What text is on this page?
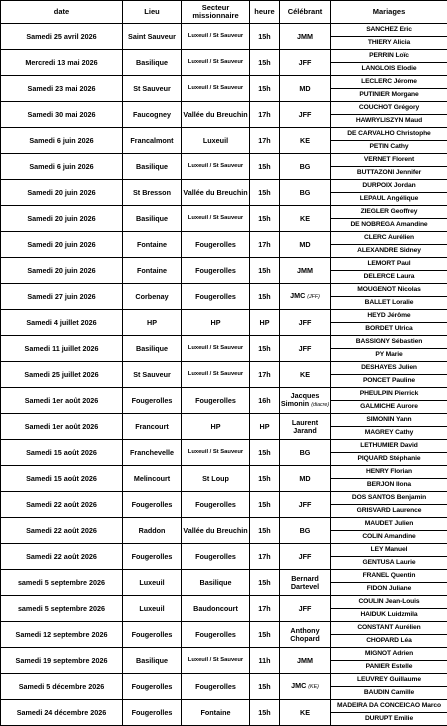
date	Lieu	Secteur missionnaire	heure	Célébrant	Mariages
Samedi 25 avril 2026	Saint Sauveur	Luxeuil / St Sauveur	15h	JMM	SANCHEZ Eric
THIERY Alicia

Mercredi 13 mai 2026	Basilique	Luxeuil / St Sauveur	15h	JFF	PERRIN Loïc
LANGLOIS Elodie

Samedi 23 mai 2026	St Sauveur	Luxeuil / St Sauveur	15h	MD	LECLERC Jérome
PUTINIER Morgane

Samedi 30 mai 2026	Faucogney	Vallée du Breuchin	17h	JFF	COUCHOT Grégory
HAWRYLISZYN Maud

Samedi 6 juin 2026	Francalmont	Luxeuil	17h	KE	DE CARVALHO Christophe
PETIN Cathy

Samedi 6 juin 2026	Basilique	Luxeuil / St Sauveur	15h	BG	VERNET Florent
BUTTAZONI Jennifer

Samedi 20 juin 2026	St Bresson	Vallée du Breuchin	15h	BG	DURPOIX Jordan
LEPAUL Angélique

Samedi 20 juin 2026	Basilique	Luxeuil / St Sauveur	15h	KE	ZIEGLER Geoffrey
DE NOBREGA Amandine

Samedi 20 juin 2026	Fontaine	Fougerolles	17h	MD	CLERC Aurélien
ALEXANDRE Sidney

Samedi 20 juin 2026	Fontaine	Fougerolles	15h	JMM	LEMORT Paul
DELERCE Laura

Samedi 27 juin 2026	Corbenay	Fougerolles	15h	JMC (JFF)	MOUGENOT Nicolas
BALLET Loralie

Samedi 4 juillet 2026	HP	HP	HP	JFF	HEYD Jérôme
BORDET Ulrica

Samedi 11 juillet 2026	Basilique	Luxeuil / St Sauveur	15h	JFF	BASSIGNY Sébastien
PY Marie

Samedi 25 juillet 2026	St Sauveur	Luxeuil / St Sauveur	17h	KE	DESHAYES Julien
PONCET Pauline

Samedi 1er août 2026	Fougerolles	Fougerolles	16h	Jacques Simonin (diacre)	PHEULPIN Pierrick
GALMICHE Aurore

Samedi 1er août 2026	Francourt	HP	HP	Laurent Jarand	SIMONIN Yann
MAGREY Cathy

Samedi 15 août 2026	Franchevelle	Luxeuil / St Sauveur	15h	BG	LETHUMIER David
PIQUARD Stéphanie

Samedi 15 août 2026	Melincourt	St Loup	15h	MD	HENRY Florian
BERJON Ilona

Samedi 22 août 2026	Fougerolles	Fougerolles	15h	JFF	DOS SANTOS Benjamin
GRISVARD Laurence

Samedi 22 août 2026	Raddon	Vallée du Breuchin	15h	BG	MAUDET Julien
COLIN Amandine

Samedi 22 août 2026	Fougerolles	Fougerolles	17h	JFF	LEY Manuel
GENTUSA Laurie

samedi 5 septembre 2026	Luxeuil	Basilique	15h	Bernard Dartevel	FRANEL Quentin
FIDON Juliane

samedi 5 septembre 2026	Luxeuil	Baudoncourt	17h	JFF	COULIN Jean-Louis
HAIDUK Luidzmila

Samedi 12 septembre 2026	Fougerolles	Fougerolles	15h	Anthony Chopard	CONSTANT Aurélien
CHOPARD Léa

Samedi 19 septembre 2026	Basilique	Luxeuil / St Sauveur	11h	JMM	MIGNOT Adrien
PANIER Estelle

Samedi 5 décembre 2026	Fougerolles	Fougerolles	15h	JMC (KE)	LEUVREY Guillaume
BAUDIN Camille

Samedi 24 décembre 2026	Fougerolles	Fontaine	15h	KE	MADEIRA DA CONCEICAO Marco
DURUPT Emilie
